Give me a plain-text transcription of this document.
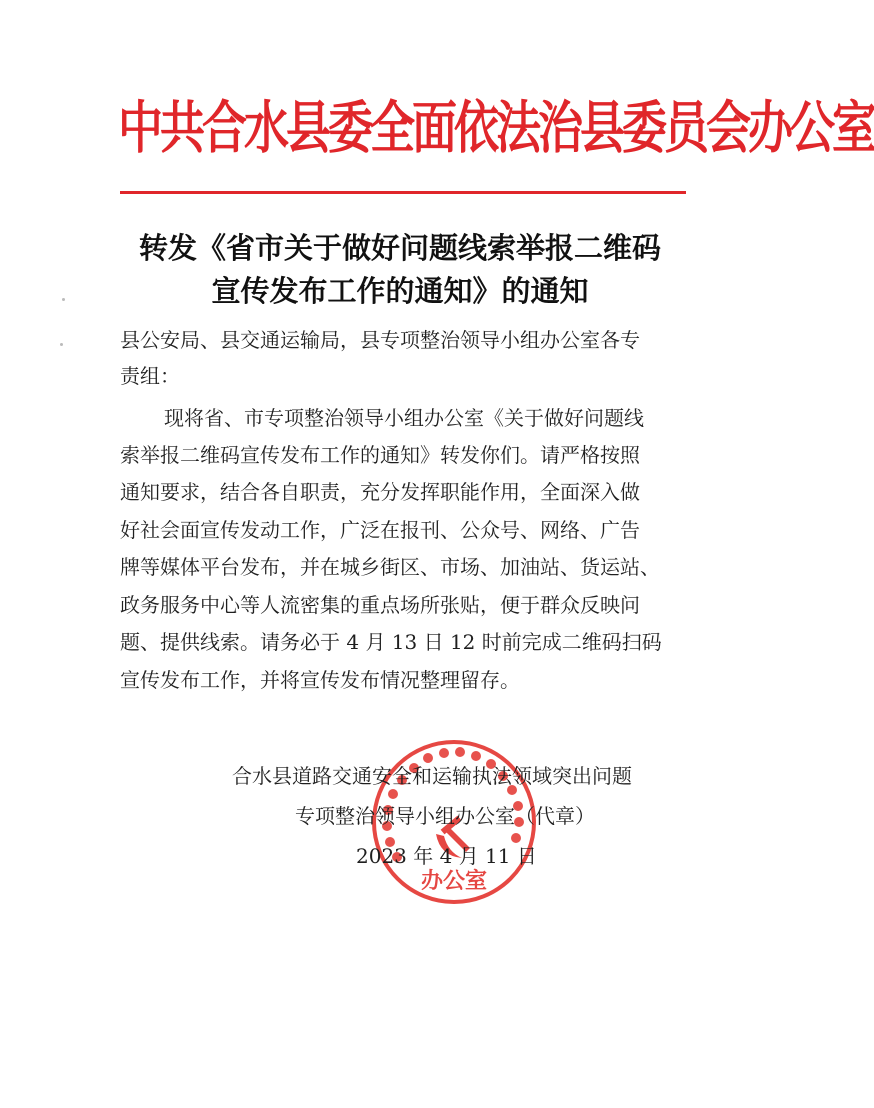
中共合水县委全面依法治县委员会办公室
转发《省市关于做好问题线索举报二维码
宣传发布工作的通知》的通知
县公安局、县交通运输局，县专项整治领导小组办公室各专
责组：
现将省、市专项整治领导小组办公室《关于做好问题线
索举报二维码宣传发布工作的通知》转发你们。请严格按照
通知要求，结合各自职责，充分发挥职能作用，全面深入做
好社会面宣传发动工作，广泛在报刊、公众号、网络、广告
牌等媒体平台发布，并在城乡街区、市场、加油站、货运站、
政务服务中心等人流密集的重点场所张贴，便于群众反映问
题、提供线索。请务必于 4 月 13 日 12 时前完成二维码扫码
宣传发布工作，并将宣传发布情况整理留存。
办公室
合水县道路交通安全和运输执法领域突出问题
专项整治领导小组办公室（代章）
2023 年 4 月 11 日
